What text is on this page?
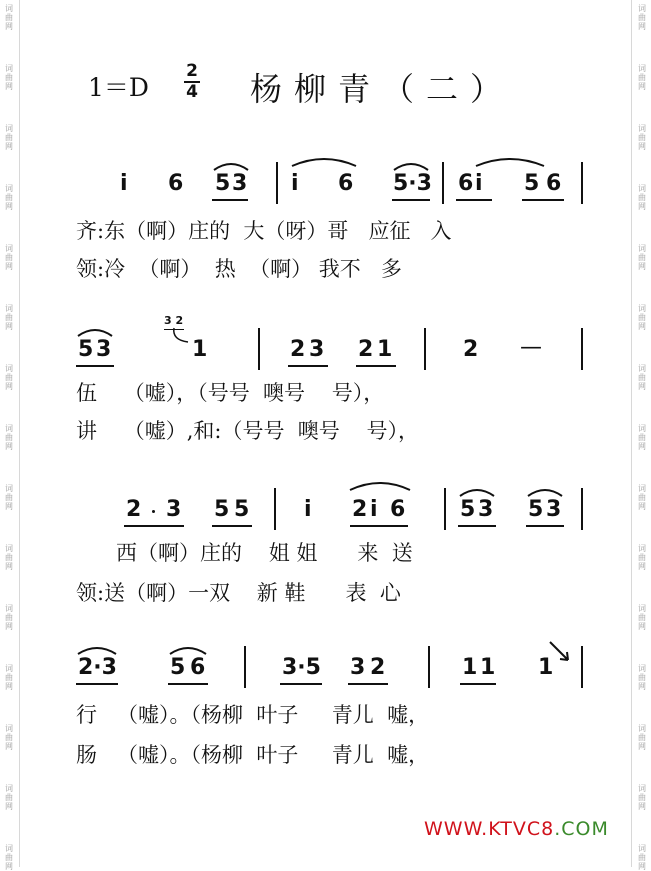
词
曲
网
词
曲
网
词
曲
网
词
曲
网
词
曲
网
词
曲
网
词
曲
网
词
曲
网
词
曲
网
词
曲
网
词
曲
网
词
曲
网
词
曲
网
词
曲
网
词
曲
网
词
曲
网
词
曲
网
词
曲
网
词
曲
网
词
曲
网
词
曲
网
词
曲
网
词
曲
网
词
曲
网
词
曲
网
词
曲
网
词
曲
网
词
曲
网
词
曲
网
词
曲
网
1＝D
2
4 杨柳青（二）
i 6 5 3 i 6 5·3 6 i 5 6
齐:东（啊）庄的  大（呀）哥   应征   入
领:冷  （啊）  热  （啊） 我不   多
5 3
3 2
1	2 3 2 1	2 —
伍    （嘘），（号号  噢号    号），
讲    （嘘）,和:（号号  噢号    号），
2 3 5 5 i 2 i 6 5 3 5 3
西（啊）庄的    姐 姐      来  送
领:送（啊）一双    新 鞋      表  心
2·3 5 6	3·5 3 2	1 1 1
行   （嘘）。（杨柳  叶子     青儿  嘘，
肠   （嘘）。（杨柳  叶子     青儿  嘘，
WWW.KTVC8.COM
